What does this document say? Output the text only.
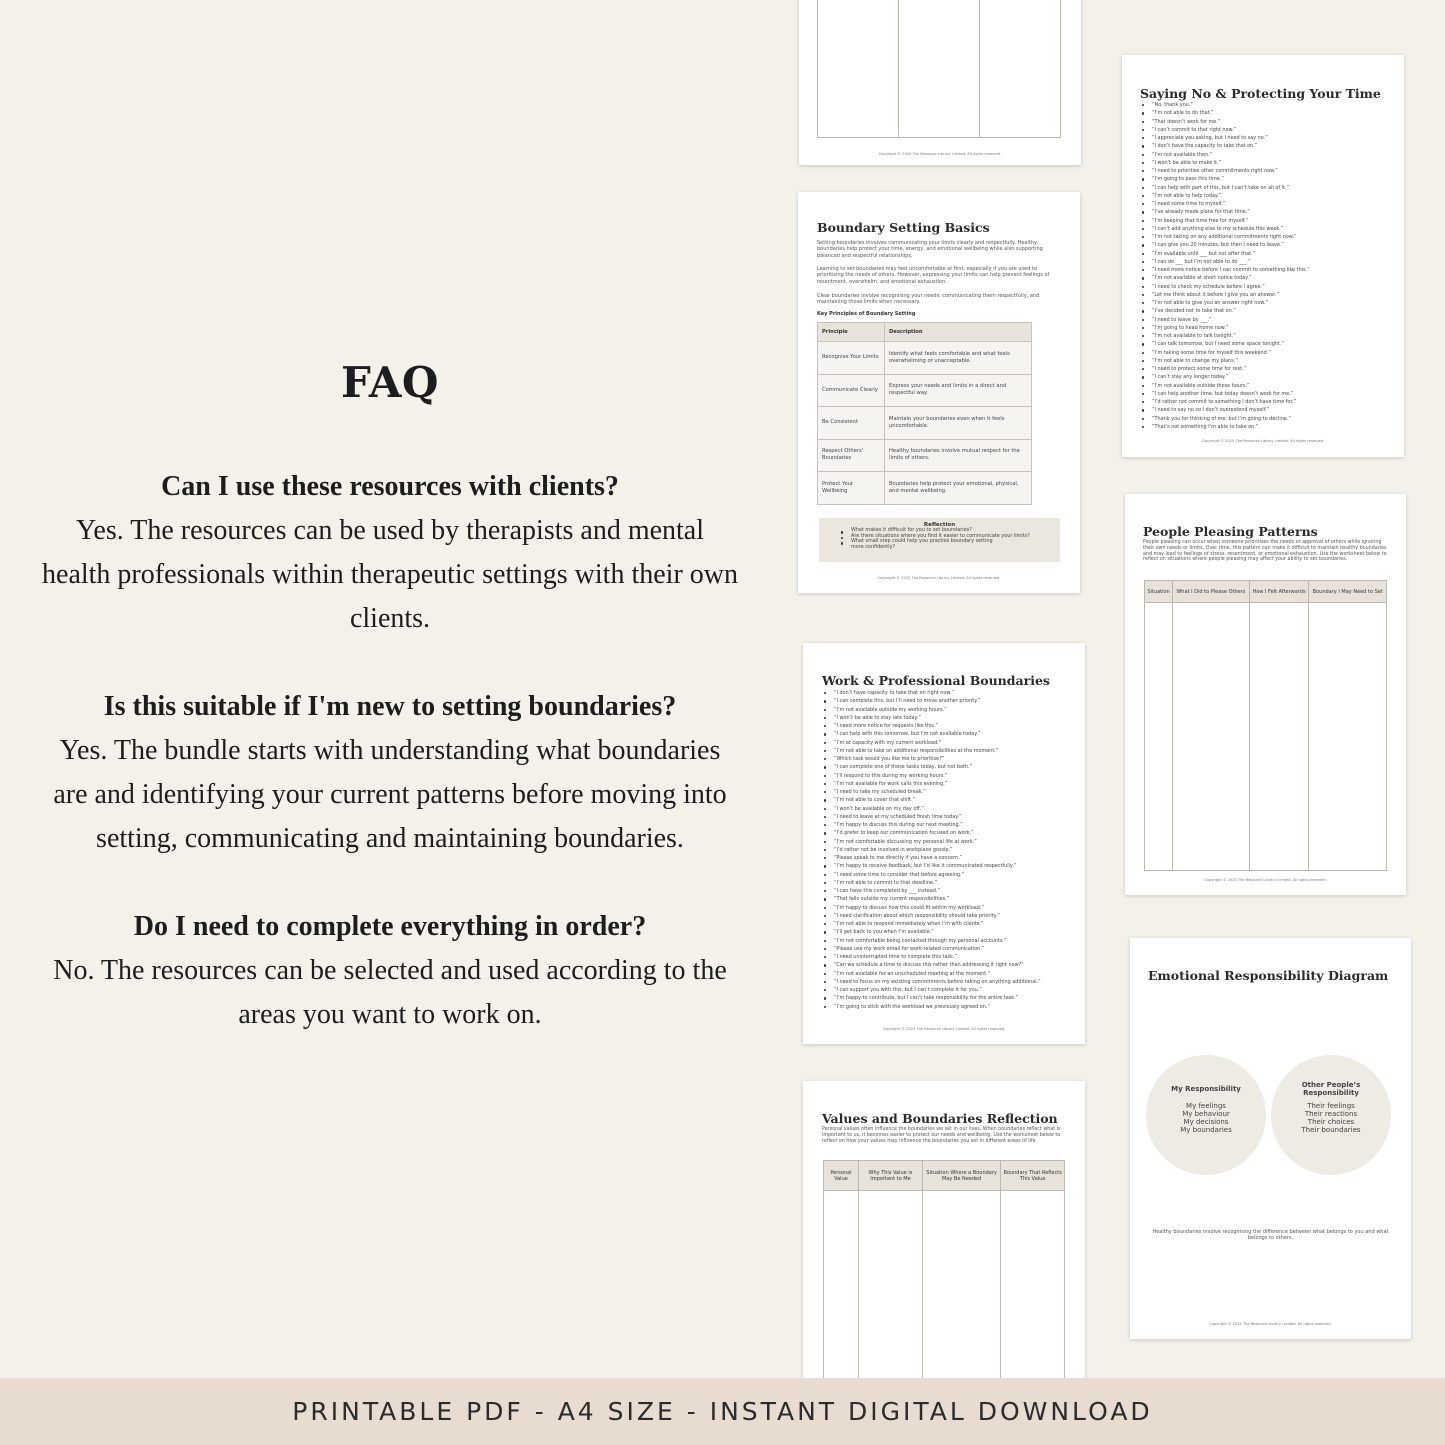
FAQ

Can I use these resources with clients?

Yes. The resources can be used by therapists and mental health professionals within therapeutic settings with their own clients.

Is this suitable if I'm new to setting boundaries?

Yes. The bundle starts with understanding what boundaries are and identifying your current patterns before moving into setting, communicating and maintaining boundaries.

Do I need to complete everything in order?

No. The resources can be selected and used according to the areas you want to work on.

Copyright © 2025 The Resource Library Limited. All rights reserved.
Saying No & Protecting Your Time
“No, thank you.”
“I’m not able to do that.”
“That doesn’t work for me.”
“I can’t commit to that right now.”
“I appreciate you asking, but I need to say no.”
“I don’t have the capacity to take that on.”
“I’m not available then.”
“I won’t be able to make it.”
“I need to prioritise other commitments right now.”
“I’m going to pass this time.”
“I can help with part of this, but I can’t take on all of it.”
“I’m not able to help today.”
“I need some time to myself.”
“I’ve already made plans for that time.”
“I’m keeping that time free for myself.”
“I can’t add anything else to my schedule this week.”
“I’m not taking on any additional commitments right now.”
“I can give you 20 minutes, but then I need to leave.”
“I’m available until ___ but not after that.”
“I can do ___ but I’m not able to do ___.”
“I need more notice before I can commit to something like this.”
“I’m not available at short notice today.”
“I need to check my schedule before I agree.”
“Let me think about it before I give you an answer.”
“I’m not able to give you an answer right now.”
“I’ve decided not to take that on.”
“I need to leave by ___.”
“I’m going to head home now.”
“I’m not available to talk tonight.”
“I can talk tomorrow, but I need some space tonight.”
“I’m taking some time for myself this weekend.”
“I’m not able to change my plans.”
“I need to protect some time for rest.”
“I can’t stay any longer today.”
“I’m not available outside those hours.”
“I can help another time, but today doesn’t work for me.”
“I’d rather not commit to something I don’t have time for.”
“I need to say no so I don’t overextend myself.”
“Thank you for thinking of me, but I’m going to decline.”
“That’s not something I’m able to take on.”
Copyright © 2025 The Resource Library Limited. All rights reserved.
Boundary Setting Basics
Setting boundaries involves communicating your limits clearly and respectfully. Healthy boundaries help protect your time, energy, and emotional wellbeing while also supporting balanced and respectful relationships.
Learning to set boundaries may feel uncomfortable at first, especially if you are used to prioritising the needs of others. However, expressing your limits can help prevent feelings of resentment, overwhelm, and emotional exhaustion.
Clear boundaries involve recognising your needs, communicating them respectfully, and maintaining those limits when necessary.
Key Principles of Boundary Setting
Principle	Description
Recognise Your Limits	Identify what feels comfortable and what feels overwhelming or unacceptable.
Communicate Clearly	Express your needs and limits in a direct and respectful way.
Be Consistent	Maintain your boundaries even when it feels uncomfortable.
Respect Others’ Boundaries	Healthy boundaries involve mutual respect for the limits of others.
Protect Your Wellbeing	Boundaries help protect your emotional, physical, and mental wellbeing.
Reflection
What makes it difficult for you to set boundaries?
Are there situations where you find it easier to communicate your limits?
What small step could help you practise boundary setting more confidently?
Copyright © 2025 The Resource Library Limited. All rights reserved.
People Pleasing Patterns
People pleasing can occur when someone prioritises the needs or approval of others while ignoring their own needs or limits. Over time, this pattern can make it difficult to maintain healthy boundaries and may lead to feelings of stress, resentment, or emotional exhaustion. Use the worksheet below to reflect on situations where people pleasing may affect your ability to set boundaries.
Situation	What I Did to Please Others	How I Felt Afterwards	Boundary I May Need to Set

Copyright © 2025 The Resource Library Limited. All rights reserved.
Work & Professional Boundaries
“I don’t have capacity to take that on right now.”
“I can complete this, but I’ll need to move another priority.”
“I’m not available outside my working hours.”
“I won’t be able to stay late today.”
“I need more notice for requests like this.”
“I can help with this tomorrow, but I’m not available today.”
“I’m at capacity with my current workload.”
“I’m not able to take on additional responsibilities at the moment.”
“Which task would you like me to prioritise?”
“I can complete one of these tasks today, but not both.”
“I’ll respond to this during my working hours.”
“I’m not available for work calls this evening.”
“I need to take my scheduled break.”
“I’m not able to cover that shift.”
“I won’t be available on my day off.”
“I need to leave at my scheduled finish time today.”
“I’m happy to discuss this during our next meeting.”
“I’d prefer to keep our communication focused on work.”
“I’m not comfortable discussing my personal life at work.”
“I’d rather not be involved in workplace gossip.”
“Please speak to me directly if you have a concern.”
“I’m happy to receive feedback, but I’d like it communicated respectfully.”
“I need some time to consider that before agreeing.”
“I’m not able to commit to that deadline.”
“I can have this completed by ___ instead.”
“That falls outside my current responsibilities.”
“I’m happy to discuss how this could fit within my workload.”
“I need clarification about which responsibility should take priority.”
“I’m not able to respond immediately when I’m with clients.”
“I’ll get back to you when I’m available.”
“I’m not comfortable being contacted through my personal accounts.”
“Please use my work email for work-related communication.”
“I need uninterrupted time to complete this task.”
“Can we schedule a time to discuss this rather than addressing it right now?”
“I’m not available for an unscheduled meeting at the moment.”
“I need to focus on my existing commitments before taking on anything additional.”
“I can support you with this, but I can’t complete it for you.”
“I’m happy to contribute, but I can’t take responsibility for the entire task.”
“I’m going to stick with the workload we previously agreed on.”
Copyright © 2025 The Resource Library Limited. All rights reserved.
Emotional Responsibility Diagram
My Responsibility
My feelings
My behaviour
My decisions
My boundaries
Other People’s Responsibility
Their feelings
Their reactions
Their choices
Their boundaries
Healthy boundaries involve recognising the difference between what belongs to you and what belongs to others.
Copyright © 2025 The Resource Library Limited. All rights reserved.
Values and Boundaries Reflection
Personal values often influence the boundaries we set in our lives. When boundaries reflect what is important to us, it becomes easier to protect our needs and wellbeing. Use the worksheet below to reflect on how your values may influence the boundaries you set in different areas of life.
Personal Value	Why This Value is Important to Me	Situation Where a Boundary May Be Needed	Boundary That Reflects This Value

PRINTABLE PDF - A4 SIZE - INSTANT DIGITAL DOWNLOAD
